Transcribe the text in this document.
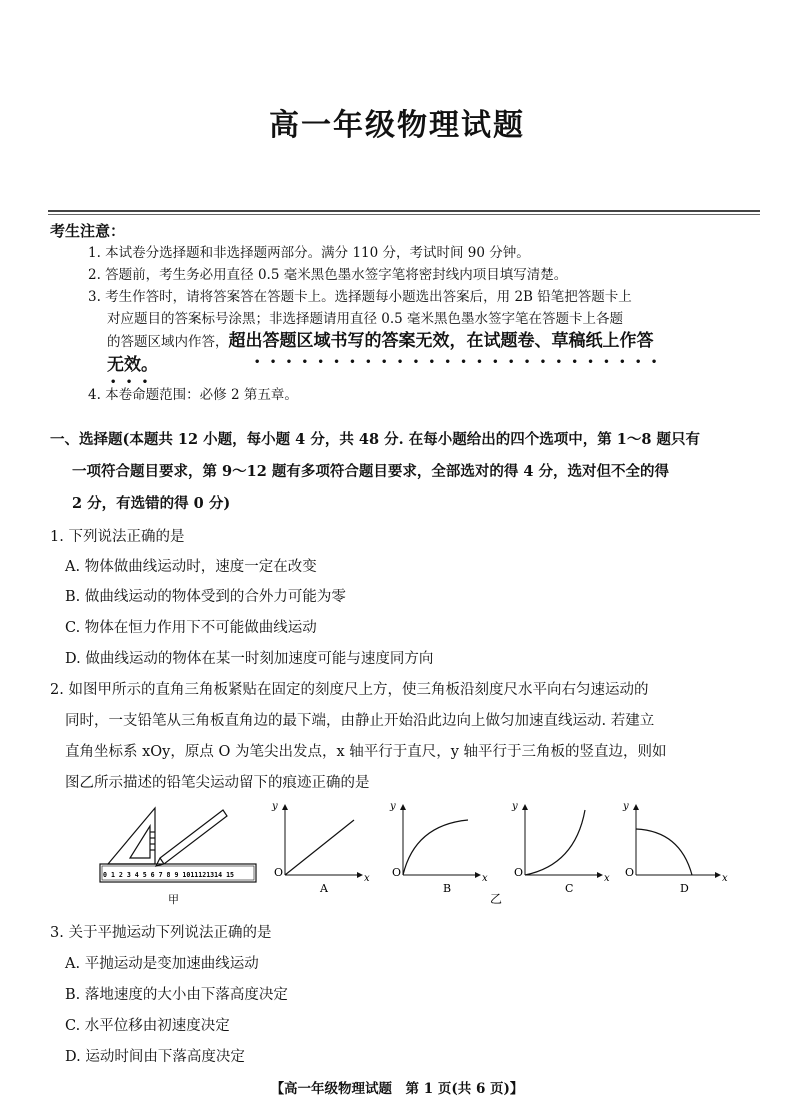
高一年级物理试题
考生注意：
1. 本试卷分选择题和非选择题两部分。满分 110 分，考试时间 90 分钟。
2. 答题前，考生务必用直径 0.5 毫米黑色墨水签字笔将密封线内项目填写清楚。
3. 考生作答时，请将答案答在答题卡上。选择题每小题选出答案后，用 2B 铅笔把答题卡上
对应题目的答案标号涂黑；非选择题请用直径 0.5 毫米黑色墨水签字笔在答题卡上各题
的答题区域内作答，超出答题区域书写的答案无效，在试题卷、草稿纸上作答
• • • • • • • • • • • • • • • • • • • • • • • • • •
无效。
• • •
4. 本卷命题范围：必修 2 第五章。
一、选择题(本题共 12 小题，每小题 4 分，共 48 分. 在每小题给出的四个选项中，第 1～8 题只有
一项符合题目要求，第 9～12 题有多项符合题目要求，全部选对的得 4 分，选对但不全的得
2 分，有选错的得 0 分)
1. 下列说法正确的是
A. 物体做曲线运动时，速度一定在改变
B. 做曲线运动的物体受到的合外力可能为零
C. 物体在恒力作用下不可能做曲线运动
D. 做曲线运动的物体在某一时刻加速度可能与速度同方向
2. 如图甲所示的直角三角板紧贴在固定的刻度尺上方，使三角板沿刻度尺水平向右匀速运动的
同时，一支铅笔从三角板直角边的最下端，由静止开始沿此边向上做匀加速直线运动. 若建立
直角坐标系 xOy，原点 O 为笔尖出发点，x 轴平行于直尺，y 轴平行于三角板的竖直边，则如
图乙所示描述的铅笔尖运动留下的痕迹正确的是
0 1 2 3 4 5 6 7 8 9 1011121314 15
甲
y
x
O
A
y
x
O
B
y
x
O
C
y
x
O
D
乙
3. 关于平抛运动下列说法正确的是
A. 平抛运动是变加速曲线运动
B. 落地速度的大小由下落高度决定
C. 水平位移由初速度决定
D. 运动时间由下落高度决定
【高一年级物理试题　第 1 页(共 6 页)】
